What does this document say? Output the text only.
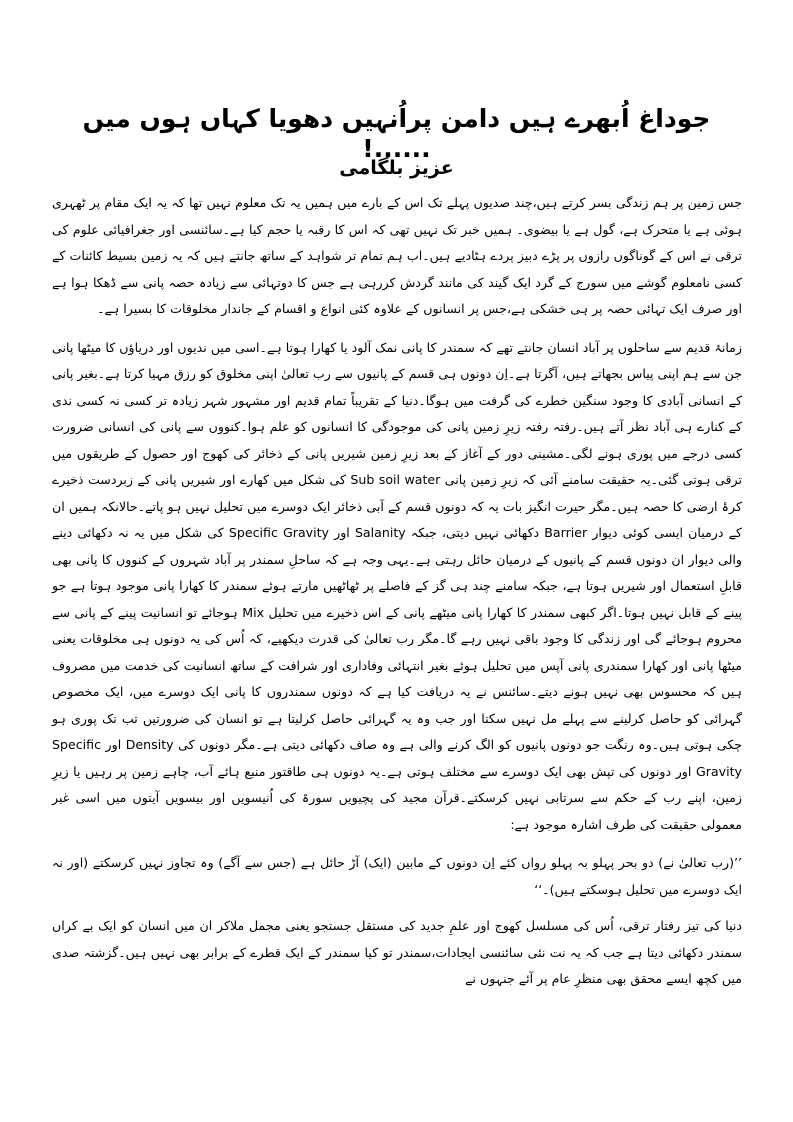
جوداغ اُبھرے ہیں دامن پراُنہیں دھویا کہاں ہوں میں ......!
عزیز بلگامی

جس زمین پر ہم زندگی بسر کرتے ہیں،چند صدیوں پہلے تک اس کے بارے میں ہمیں یہ تک معلوم نہیں تھا کہ یہ ایک مقام پر ٹھہری ہوئی ہے یا متحرک ہے، گول ہے یا بیضوی۔ ہمیں خبر تک نہیں تھی کہ اس کا رقبہ یا حجم کیا ہے۔سائنسی اور جغرافیائی علوم کی ترقی نے اس کے گوناگوں رازوں پر پڑے دبیز پردے ہٹادیے ہیں۔اب ہم تمام تر شواہد کے ساتھ جانتے ہیں کہ یہ زمین بسیط کائنات کے کسی نامعلوم گوشے میں سورج کے گرد ایک گیند کی مانند گردش کررہی ہے جس کا دوتہائی سے زیادہ حصہ پانی سے ڈھکا ہوا ہے اور صرف ایک تہائی حصہ پر ہی خشکی ہے،جس پر انسانوں کے علاوہ کئی انواع و اقسام کے جاندار مخلوقات کا بسیرا ہے۔

زمانۂ قدیم سے ساحلوں پر آباد انسان جانتے تھے کہ سمندر کا پانی نمک آلود یا کھارا ہوتا ہے۔اسی میں ندیوں اور دریاؤں کا میٹھا پانی جن سے ہم اپنی پیاس بجھاتے ہیں، آگرتا ہے۔اِن دونوں ہی قسم کے پانیوں سے رب تعالیٰ اپنی مخلوق کو رزق مہیا کرتا ہے۔بغیر پانی کے انسانی آبادی کا وجود سنگین خطرے کی گرفت میں ہوگا۔دنیا کے تقریباً تمام قدیم اور مشہور شہر زیادہ تر کسی نہ کسی ندی کے کنارے ہی آباد نظر آتے ہیں۔رفتہ رفتہ زیرِ زمین پانی کی موجودگی کا انسانوں کو علم ہوا۔کنووں سے پانی کی انسانی ضرورت کسی درجے میں پوری ہونے لگی۔مشینی دور کے آغاز کے بعد زیرِ زمین شیریں پانی کے ذخائر کی کھوج اور حصول کے طریقوں میں ترقی ہوتی گئی۔یہ حقیقت سامنے آئی کہ زیرِ زمین پانی Sub soil water کی شکل میں کھارے اور شیریں پانی کے زبردست ذخیرے کرۂ ارضی کا حصہ ہیں۔مگر حیرت انگیز بات یہ کہ دونوں قسم کے آبی ذخائر ایک دوسرے میں تحلیل نہیں ہو پاتے۔حالانکہ ہمیں ان کے درمیان ایسی کوئی دیوار Barrier دکھائی نہیں دیتی، جبکہ Salanity اور Specific Gravity کی شکل میں یہ نہ دکھائی دینے والی دیوار ان دونوں قسم کے پانیوں کے درمیان حائل رہتی ہے۔یہی وجہ ہے کہ ساحلِ سمندر پر آباد شہروں کے کنووں کا پانی بھی قابلِ استعمال اور شیریں ہوتا ہے، جبکہ سامنے چند ہی گز کے فاصلے پر ٹھاٹھیں مارتے ہوئے سمندر کا کھارا پانی موجود ہوتا ہے جو پینے کے قابل نہیں ہوتا۔اگر کبھی سمندر کا کھارا پانی میٹھے پانی کے اس ذخیرے میں تحلیل Mix ہوجائے تو انسانیت پینے کے پانی سے محروم ہوجائے گی اور زندگی کا وجود باقی نہیں رہے گا۔مگر رب تعالیٰ کی قدرت دیکھیے، کہ اُس کی یہ دونوں ہی مخلوقات یعنی میٹھا پانی اور کھارا سمندری پانی آپس میں تحلیل ہوئے بغیر انتہائی وفاداری اور شرافت کے ساتھ انسانیت کی خدمت میں مصروف ہیں کہ محسوس بھی نہیں ہونے دیتے۔سائنس نے یہ دریافت کیا ہے کہ دونوں سمندروں کا پانی ایک دوسرے میں، ایک مخصوص گہرائی کو حاصل کرلینے سے پہلے مل نہیں سکتا اور جب وہ یہ گہرائی حاصل کرلیتا ہے تو انسان کی ضرورتیں تب تک پوری ہو چکی ہوتی ہیں۔وہ رنگت جو دونوں پانیوں کو الگ کرنے والی ہے وہ صاف دکھائی دیتی ہے۔مگر دونوں کی Density اور Specific Gravity اور دونوں کی تپش بھی ایک دوسرے سے مختلف ہوتی ہے۔یہ دونوں ہی طاقتور منبع ہائے آب، چاہے زمین پر رہیں یا زیرِ زمین، اپنے رب کے حکم سے سرتابی نہیں کرسکتے۔قرآن مجید کی پچیویں سورۃ کی اُنیسویں اور بیسویں آیتوں میں اسی غیر معمولی حقیقت کی طرف اشارہ موجود ہے:

’’(رب تعالیٰ نے) دو بحر پہلو بہ پہلو رواں کئے اِن دونوں کے مابین (ایک) آڑ حائل ہے (جس سے آگے) وہ تجاوز نہیں کرسکتے (اور نہ ایک دوسرے میں تحلیل ہوسکتے ہیں)۔‘‘

دنیا کی تیز رفتار ترقی، اُس کی مسلسل کھوج اور علمِ جدید کی مستقل جستجو یعنی مجمل ملاکر ان میں انسان کو ایک بے کراں سمندر دکھائی دیتا ہے جب کہ یہ نت نئی سائنسی ایجادات،سمندر تو کیا سمندر کے ایک قطرے کے برابر بھی نہیں ہیں۔گزشتہ صدی میں کچھ ایسے محقق بھی منظرِ عام پر آئے جنہوں نے
